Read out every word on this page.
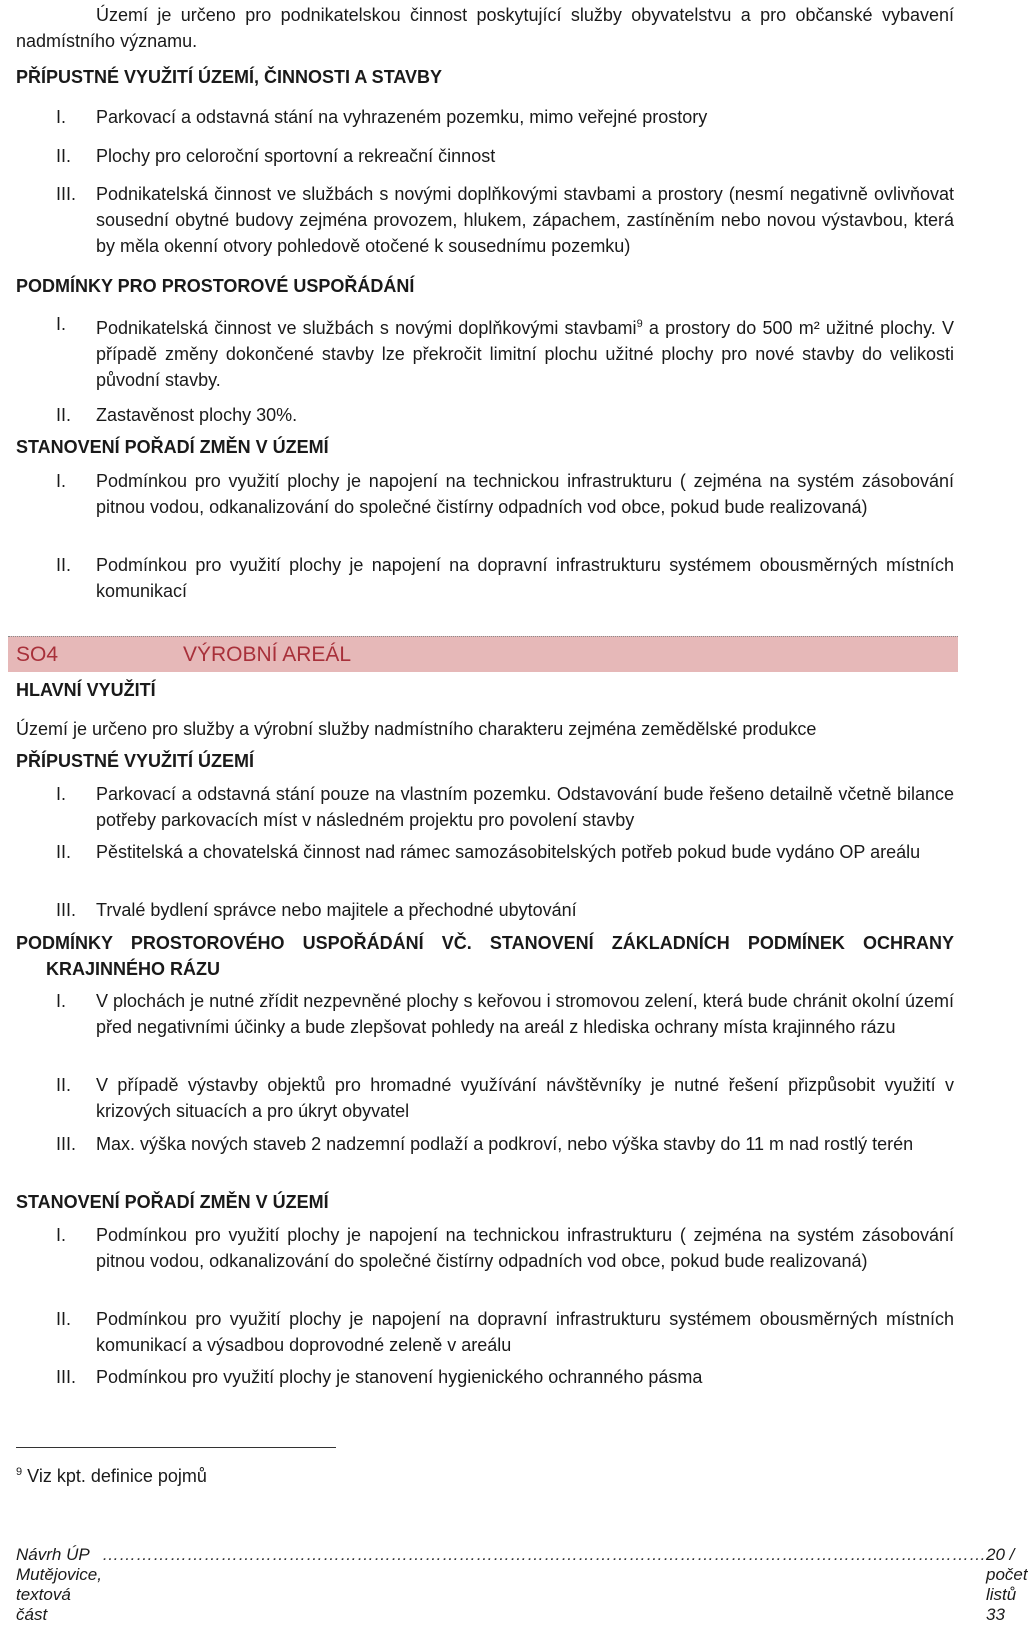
Území je určeno pro podnikatelskou činnost poskytující služby obyvatelstvu a pro občanské vybavení nadmístního významu.

PŘÍPUSTNÉ VYUŽITÍ ÚZEMÍ, ČINNOSTI A STAVBY

I.	Parkovací a odstavná stání na vyhrazeném pozemku, mimo veřejné prostory
II.	Plochy pro celoroční sportovní a rekreační činnost
III.	Podnikatelská činnost ve službách s novými doplňkovými stavbami a prostory (nesmí negativně ovlivňovat sousední obytné budovy zejména provozem, hlukem, zápachem, zastíněním nebo novou výstavbou, která by měla okenní otvory pohledově otočené k sousednímu pozemku)

PODMÍNKY PRO PROSTOROVÉ USPOŘÁDÁNÍ

I.	Podnikatelská činnost ve službách s novými doplňkovými stavbami$^9$ a prostory do 500 m² užitné plochy. V případě změny dokončené stavby lze překročit limitní plochu užitné plochy pro nové stavby do velikosti původní stavby.
II.	Zastavěnost plochy 30%.

STANOVENÍ POŘADÍ ZMĚN V ÚZEMÍ

I.	Podmínkou pro využití plochy je napojení na technickou infrastrukturu ( zejména na systém zásobování pitnou vodou, odkanalizování do společné čistírny odpadních vod obce, pokud bude realizovaná)
II.	Podmínkou pro využití plochy je napojení na dopravní infrastrukturu systémem obousměrných místních komunikací
SO4	VÝROBNÍ AREÁL

HLAVNÍ VYUŽITÍ

Území je určeno pro služby a výrobní služby nadmístního charakteru zejména zemědělské produkce

PŘÍPUSTNÉ VYUŽITÍ ÚZEMÍ

I.	Parkovací a odstavná stání pouze na vlastním pozemku. Odstavování bude řešeno detailně včetně bilance potřeby parkovacích míst v následném projektu pro povolení stavby
II.	Pěstitelská a chovatelská činnost nad rámec samozásobitelských potřeb pokud bude vydáno OP areálu
III.	Trvalé bydlení správce nebo majitele a přechodné ubytování

PODMÍNKY PROSTOROVÉHO USPOŘÁDÁNÍ VČ. STANOVENÍ ZÁKLADNÍCH PODMÍNEK OCHRANY

KRAJINNÉHO RÁZU

I.	V plochách je nutné zřídit nezpevněné plochy s keřovou i stromovou zelení, která bude chránit okolní území před negativními účinky a bude zlepšovat pohledy na areál z hlediska ochrany místa krajinného rázu
II.	V případě výstavby objektů pro hromadné využívání návštěvníky je nutné řešení přizpůsobit využití v krizových situacích a pro úkryt obyvatel
III.	Max. výška nových staveb 2 nadzemní podlaží a podkroví, nebo výška stavby do 11 m nad rostlý terén

STANOVENÍ POŘADÍ ZMĚN V ÚZEMÍ

I.	Podmínkou pro využití plochy je napojení na technickou infrastrukturu ( zejména na systém zásobování pitnou vodou, odkanalizování do společné čistírny odpadních vod obce, pokud bude realizovaná)
II.	Podmínkou pro využití plochy je napojení na dopravní infrastrukturu systémem obousměrných místních komunikací a výsadbou doprovodné zeleně v areálu
III.	Podmínkou pro využití plochy je stanovení hygienického ochranného pásma
$^9$ Viz kpt. definice pojmů
Návrh ÚP Mutějovice, textová část
………………………………………………………………………………………………………………………………………… 20 / počet listů 33
